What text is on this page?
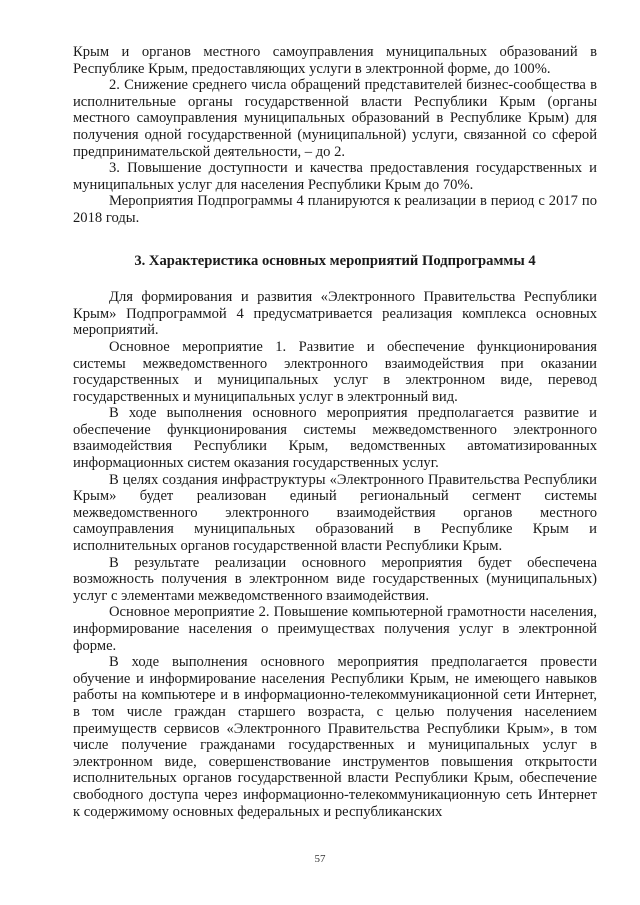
Крым и органов местного самоуправления муниципальных образований в Республике Крым, предоставляющих услуги в электронной форме, до 100%.

2. Снижение среднего числа обращений представителей бизнес-сообщества в исполнительные органы государственной власти Республики Крым (органы местного самоуправления муниципальных образований в Республике Крым) для получения одной государственной (муниципальной) услуги, связанной со сферой предпринимательской деятельности, – до 2.

3. Повышение доступности и качества предоставления государственных и муниципальных услуг для населения Республики Крым до 70%.

Мероприятия Подпрограммы 4 планируются к реализации в период с 2017 по 2018 годы.

3. Характеристика основных мероприятий Подпрограммы 4

Для формирования и развития «Электронного Правительства Республики Крым» Подпрограммой 4 предусматривается реализация комплекса основных мероприятий.

Основное мероприятие 1. Развитие и обеспечение функционирования системы межведомственного электронного взаимодействия при оказании государственных и муниципальных услуг в электронном виде, перевод государственных и муниципальных услуг в электронный вид.

В ходе выполнения основного мероприятия предполагается развитие и обеспечение функционирования системы межведомственного электронного взаимодействия Республики Крым, ведомственных автоматизированных информационных систем оказания государственных услуг.

В целях создания инфраструктуры «Электронного Правительства Республики Крым» будет реализован единый региональный сегмент системы межведомственного электронного взаимодействия органов местного самоуправления муниципальных образований в Республике Крым и исполнительных органов государственной власти Республики Крым.

В результате реализации основного мероприятия будет обеспечена возможность получения в электронном виде государственных (муниципальных) услуг с элементами межведомственного взаимодействия.

Основное мероприятие 2. Повышение компьютерной грамотности населения, информирование населения о преимуществах получения услуг в электронной форме.

В ходе выполнения основного мероприятия предполагается провести обучение и информирование населения Республики Крым, не имеющего навыков работы на компьютере и в информационно-телекоммуникационной сети Интернет, в том числе граждан старшего возраста, с целью получения населением преимуществ сервисов «Электронного Правительства Республики Крым», в том числе получение гражданами государственных и муниципальных услуг в электронном виде, совершенствование инструментов повышения открытости исполнительных органов государственной власти Республики Крым, обеспечение свободного доступа через информационно-телекоммуникационную сеть Интернет к содержимому основных федеральных и республиканских

57
